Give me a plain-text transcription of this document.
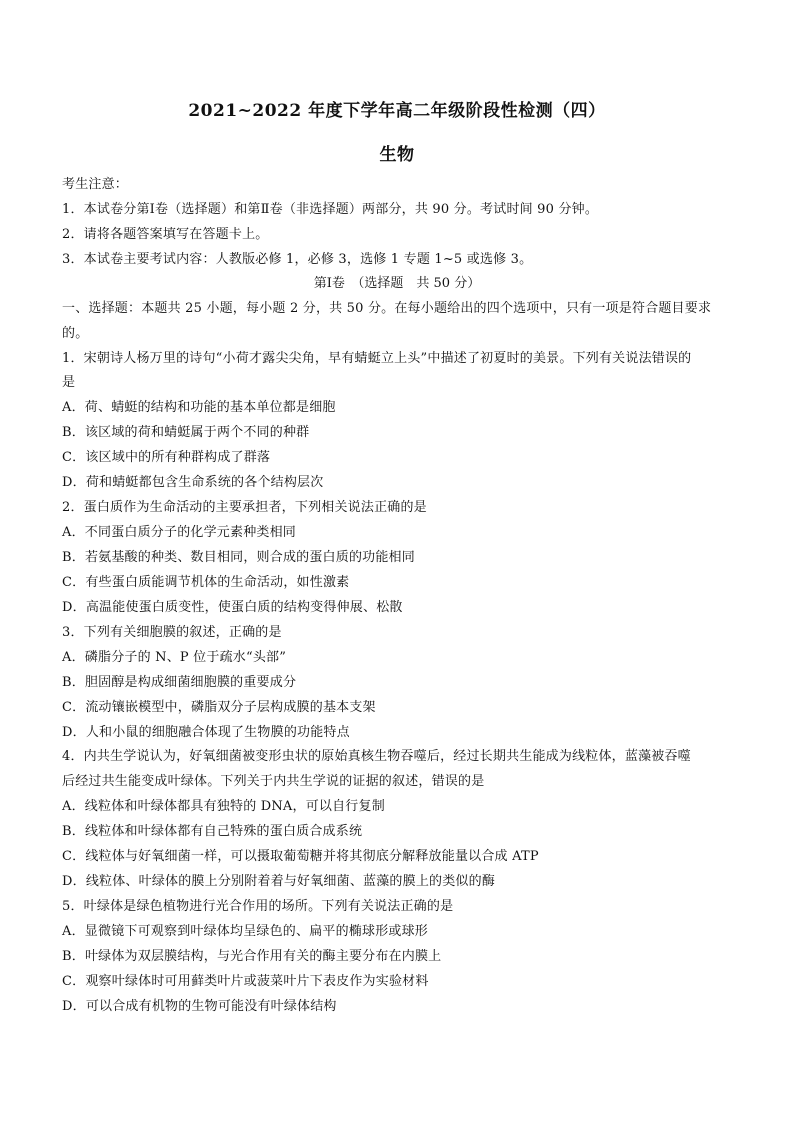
2021~2022 年度下学年高二年级阶段性检测（四）
生物
考生注意：
1．本试卷分第Ⅰ卷（选择题）和第Ⅱ卷（非选择题）两部分，共 90 分。考试时间 90 分钟。
2．请将各题答案填写在答题卡上。
3．本试卷主要考试内容：人教版必修 1，必修 3，选修 1 专题 1~5 或选修 3。
第Ⅰ卷　（选择题　共 50 分）
一、选择题：本题共 25 小题，每小题 2 分，共 50 分。在每小题给出的四个选项中，只有一项是符合题目要求
的。
1．宋朝诗人杨万里的诗句“小荷才露尖尖角，早有蜻蜓立上头”中描述了初夏时的美景。下列有关说法错误的
是
A．荷、蜻蜓的结构和功能的基本单位都是细胞
B．该区域的荷和蜻蜓属于两个不同的种群
C．该区域中的所有种群构成了群落
D．荷和蜻蜓都包含生命系统的各个结构层次
2．蛋白质作为生命活动的主要承担者，下列相关说法正确的是
A．不同蛋白质分子的化学元素种类相同
B．若氨基酸的种类、数目相同，则合成的蛋白质的功能相同
C．有些蛋白质能调节机体的生命活动，如性激素
D．高温能使蛋白质变性，使蛋白质的结构变得伸展、松散
3．下列有关细胞膜的叙述，正确的是
A．磷脂分子的 N、P 位于疏水“头部”
B．胆固醇是构成细菌细胞膜的重要成分
C．流动镶嵌模型中，磷脂双分子层构成膜的基本支架
D．人和小鼠的细胞融合体现了生物膜的功能特点
4．内共生学说认为，好氧细菌被变形虫状的原始真核生物吞噬后，经过长期共生能成为线粒体，蓝藻被吞噬
后经过共生能变成叶绿体。下列关于内共生学说的证据的叙述，错误的是
A．线粒体和叶绿体都具有独特的 DNA，可以自行复制
B．线粒体和叶绿体都有自己特殊的蛋白质合成系统
C．线粒体与好氧细菌一样，可以摄取葡萄糖并将其彻底分解释放能量以合成 ATP
D．线粒体、叶绿体的膜上分别附着着与好氧细菌、蓝藻的膜上的类似的酶
5．叶绿体是绿色植物进行光合作用的场所。下列有关说法正确的是
A．显微镜下可观察到叶绿体均呈绿色的、扁平的椭球形或球形
B．叶绿体为双层膜结构，与光合作用有关的酶主要分布在内膜上
C．观察叶绿体时可用藓类叶片或菠菜叶片下表皮作为实验材料
D．可以合成有机物的生物可能没有叶绿体结构
